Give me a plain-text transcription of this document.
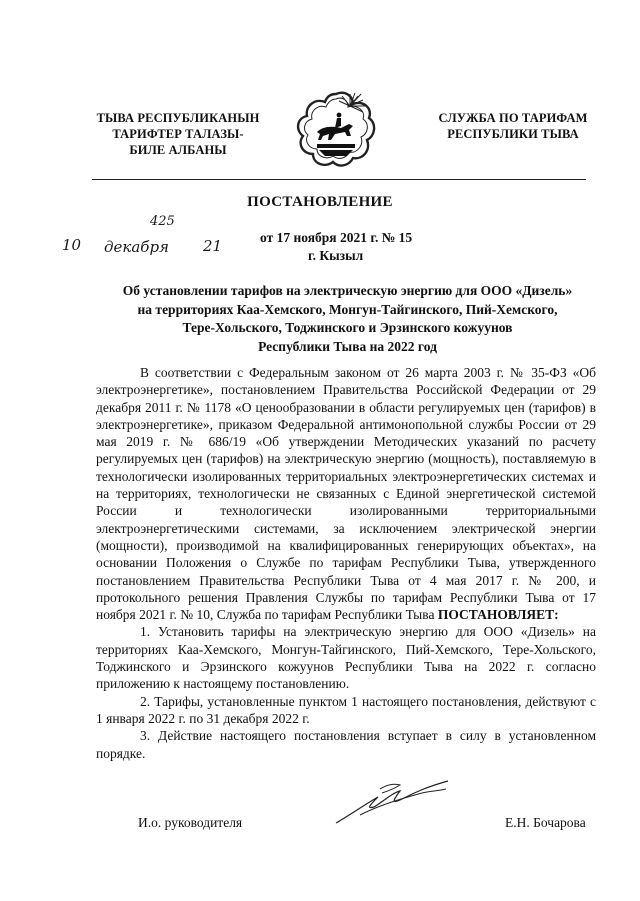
ТЫВА РЕСПУБЛИКАНЫН
ТАРИФТЕР ТАЛАЗЫ-
БИЛЕ АЛБАНЫ
СЛУЖБА ПО ТАРИФАМ
РЕСПУБЛИКИ ТЫВА
ПОСТАНОВЛЕНИЕ
425
10 декабря 21	от 17 ноября 2021 г. № 15
г. Кызыл
Об установлении тарифов на электрическую энергию для ООО «Дизель»
на территориях Каа-Хемского, Монгун-Тайгинского, Пий-Хемского,
Тере-Хольского, Тоджинского и Эрзинского кожуунов
Республики Тыва на 2022 год

В соответствии с Федеральным законом от 26 марта 2003 г. № 35-ФЗ «Об электроэнергетике», постановлением Правительства Российской Федерации от 29 декабря 2011 г. № 1178 «О ценообразовании в области регулируемых цен (тарифов) в электроэнергетике», приказом Федеральной антимонопольной службы России от 29 мая 2019 г. № 686/19 «Об утверждении Методических указаний по расчету регулируемых цен (тарифов) на электрическую энергию (мощность), поставляемую в технологически изолированных территориальных электроэнергетических системах и на территориях, технологически не связанных с Единой энергетической системой России и технологически изолированными территориальными электроэнергетическими системами, за исключением электрической энергии (мощности), производимой на квалифицированных генерирующих объектах», на основании Положения о Службе по тарифам Республики Тыва, утвержденного постановлением Правительства Республики Тыва от 4 мая 2017 г. № 200, и протокольного решения Правления Службы по тарифам Республики Тыва от 17 ноября 2021 г. № 10, Служба по тарифам Республики Тыва ПОСТАНОВЛЯЕТ:

1. Установить тарифы на электрическую энергию для ООО «Дизель» на территориях Каа-Хемского, Монгун-Тайгинского, Пий-Хемского, Тере-Хольского, Тоджинского и Эрзинского кожуунов Республики Тыва на 2022 г. согласно приложению к настоящему постановлению.

2. Тарифы, установленные пунктом 1 настоящего постановления, действуют с 1 января 2022 г. по 31 декабря 2022 г.

3. Действие настоящего постановления вступает в силу в установленном порядке.

И.о. руководителя	Е.Н. Бочарова
